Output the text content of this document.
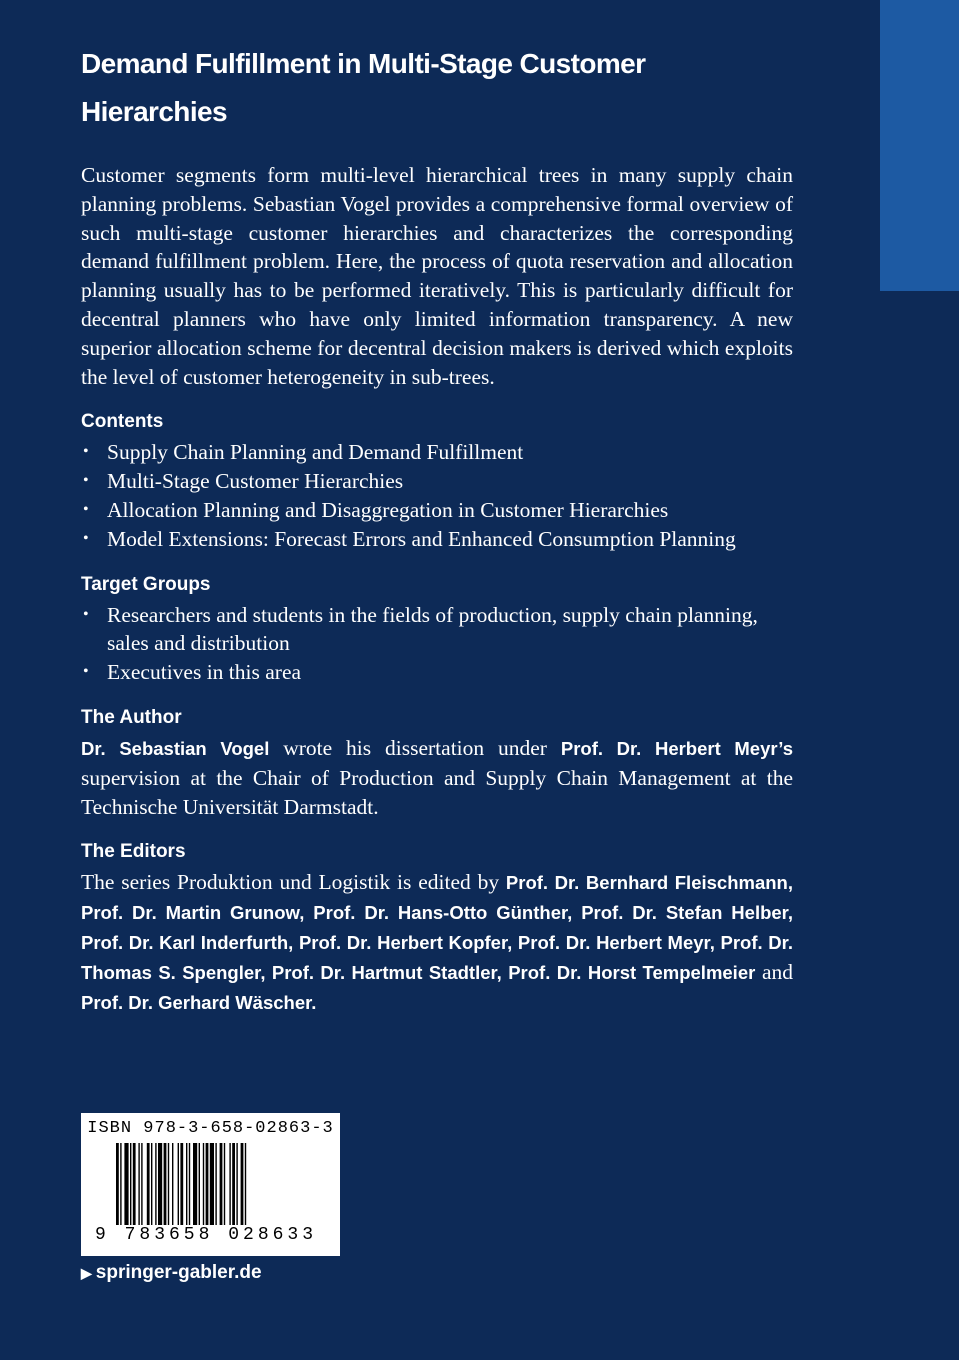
Demand Fulfillment in Multi-Stage Customer Hierarchies

Customer segments form multi-level hierarchical trees in many supply chain planning problems. Sebastian Vogel provides a comprehensive formal overview of such multi-stage customer hierarchies and characterizes the corresponding demand fulfillment problem. Here, the process of quota reservation and allocation planning usually has to be performed iteratively. This is particularly difficult for decentral planners who have only limited information transparency. A new superior allocation scheme for decentral decision makers is derived which exploits the level of customer heterogeneity in sub-trees.

Contents
• Supply Chain Planning and Demand Fulfillment
• Multi-Stage Customer Hierarchies
• Allocation Planning and Disaggregation in Customer Hierarchies
• Model Extensions: Forecast Errors and Enhanced Consumption Planning
Target Groups
• Researchers and students in the fields of production, supply chain planning, sales and distribution
• Executives in this area
The Author

Dr. Sebastian Vogel wrote his dissertation under Prof. Dr. Herbert Meyr’s supervision at the Chair of Production and Supply Chain Management at the Technische Universität Darmstadt.

The Editors

The series Produktion und Logistik is edited by Prof. Dr. Bernhard Fleischmann, Prof. Dr. Martin Grunow, Prof. Dr. Hans-Otto Günther, Prof. Dr. Stefan Helber, Prof. Dr. Karl Inderfurth, Prof. Dr. Herbert Kopfer, Prof. Dr. Herbert Meyr, Prof. Dr. Thomas S. Spengler, Prof. Dr. Hartmut Stadtler, Prof. Dr. Horst Tempelmeier and Prof. Dr. Gerhard Wäscher.

ISBN 978-3-658-02863-3
9 783658 028633
▶ springer-gabler.de
